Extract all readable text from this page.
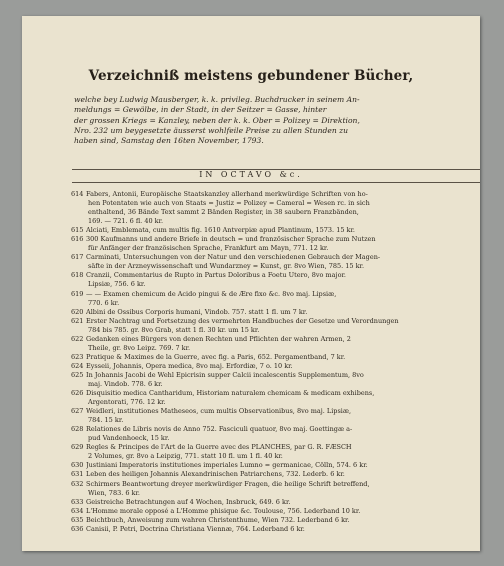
Verzeichniß meistens gebundener Bücher,
welche bey Ludwig Mausberger, k. k. privileg. Buchdrucker in seinem An-
meldungs = Gewölbe, in der Stadt, in der Seitzer = Gasse, hinter
der grossen Kriegs = Kanzley, neben der k. k. Ober = Polizey = Direktion,
Nro. 232 um beygesetzte äusserst wohlfeile Preise zu allen Stunden zu
haben sind, Samstag den 16ten November, 1793.
IN OCTAVO &c.
614 Fabers, Antonii, Europäische Staatskanzley allerhand merkwürdige Schriften von ho-
hen Potentaten wie auch von Staats = Justiz = Polizey = Cameral = Wesen rc. in sich
enthaltend, 36 Bände Text sammt 2 Bänden Register, in 38 saubern Franzbänden,
169. — 721. 6 fl. 40 kr.
615 Alciati, Emblemata, cum multis fig. 1610 Antverpiæ apud Plantinum, 1573. 15 kr.
616 300 Kaufmanns und andere Briefe in deutsch = und französischer Sprache zum Nutzen
für Anfänger der französischen Sprache, Frankfurt am Mayn, 771. 12 kr.
617 Carminati, Untersuchungen von der Natur und den verschiedenen Gebrauch der Magen-
säfte in der Arzneywissenschaft und Wundarzney = Kunst, gr. 8vo Wien, 785. 15 kr.
618 Cranzii, Commentarius de Rupto in Partus Doloribus a Foetu Utero, 8vo major.
Lipsiæ, 756. 6 kr.
619 — — Examen chemicum de Acido pingui & de Ære fixo &c. 8vo maj. Lipsiæ,
770. 6 kr.
620 Albini de Ossibus Corporis humani, Vindob. 757. statt 1 fl. um 7 kr.
621 Erster Nachtrag und Fortsetzung des vermehrten Handbuches der Gesetze und Verordnungen
784 bis 785. gr. 8vo Grab, statt 1 fl. 30 kr. um 15 kr.
622 Gedanken eines Bürgers von denen Rechten und Pflichten der wahren Armen, 2
Theile, gr. 8vo Leipz. 769. 7 kr.
623 Pratique & Maximes de la Guerre, avec fig. a Paris, 652. Pergamentband, 7 kr.
624 Eysseii, Johannis, Opera medica, 8vo maj. Erfordiæ, 7 o. 10 kr.
625 In Johannis Jacobi de Wehl Epicrisin supper Calcii incalescentis Supplementum, 8vo
maj. Vindob. 778. 6 kr.
626 Disquisitio medica Cantharidum, Historiam naturalem chemicam & medicam exhibens,
Argentorati, 776. 12 kr.
627 Weidleri, institutiones Matheseos, cum multis Observationibus, 8vo maj. Lipsiæ,
784. 15 kr.
628 Relationes de Libris novis de Anno 752. Fasciculi quatuor, 8vo maj. Goettingæ a-
pud Vandenhoeck, 15 kr.
629 Regles & Principes de l'Art de la Guerre avec des PLANCHES, par G. R. FÆSCH
2 Volumes, gr. 8vo a Leipzig, 771. statt 10 fl. um 1 fl. 40 kr.
630 Justiniani Imperatoris institutiones imperiales Lumno = germanicae, Cölln, 574. 6 kr.
631 Leben des heiligen Johannis Alexandrinischen Patriarchens, 732. Lederb. 6 kr.
632 Schirmers Beantwortung dreyer merkwürdiger Fragen, die heilige Schrift betreffend,
Wien, 783. 6 kr.
633 Geistreiche Betrachtungen auf 4 Wochen, Insbruck, 649. 6 kr.
634 L'Homme morale opposé a L'Homme phisique &c. Toulouse, 756. Lederband 10 kr.
635 Beichtbuch, Anweisung zum wahren Christenthume, Wien 732. Lederband 6 kr.
636 Canisii, P. Petri, Doctrina Christiana Viennæ, 764. Lederband 6 kr.
